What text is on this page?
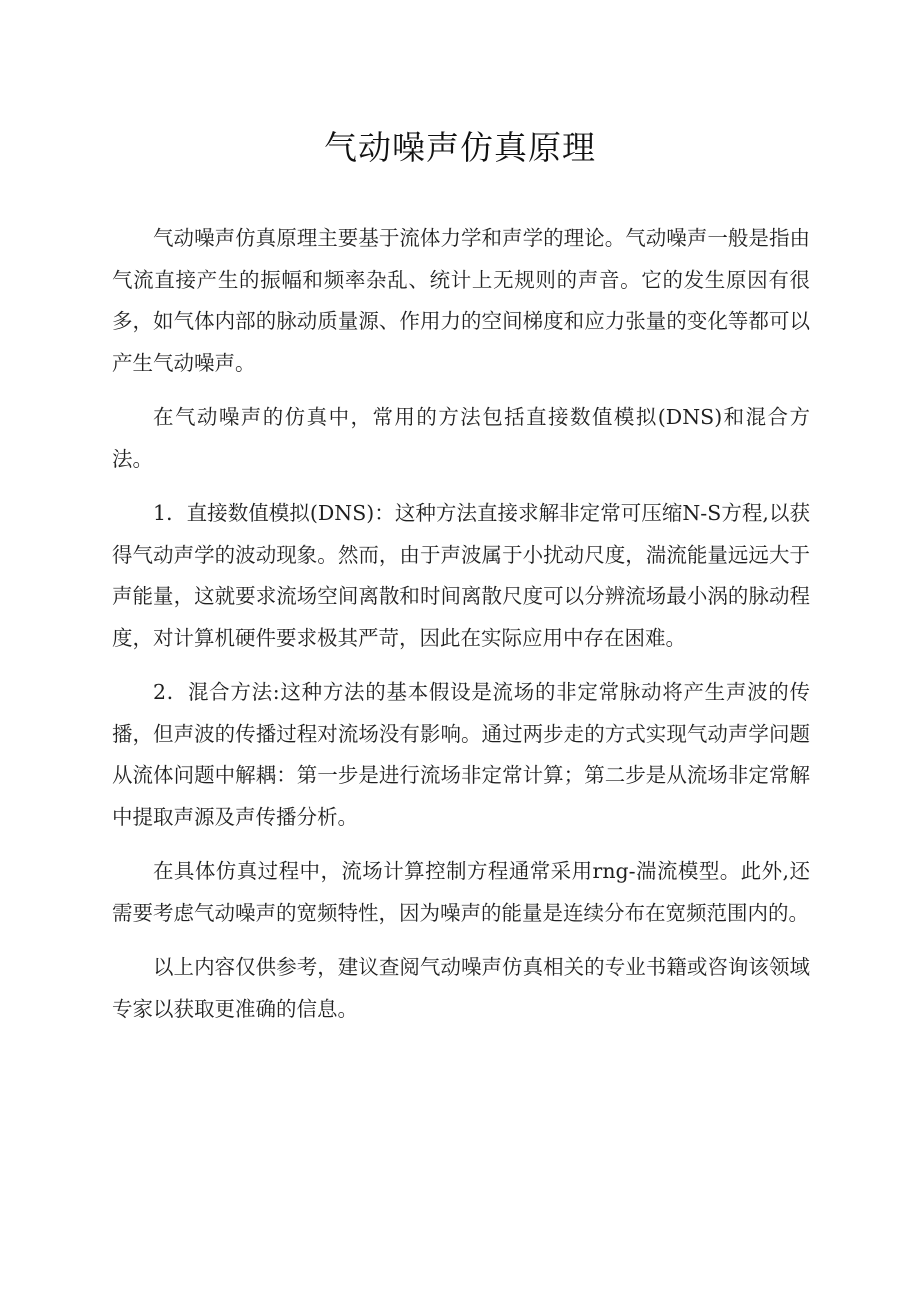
气动噪声仿真原理

气动噪声仿真原理主要基于流体力学和声学的理论。气动噪声一般是指由气流直接产生的振幅和频率杂乱、统计上无规则的声音。它的发生原因有很多，如气体内部的脉动质量源、作用力的空间梯度和应力张量的变化等都可以产生气动噪声。

在气动噪声的仿真中，常用的方法包括直接数值模拟(DNS)和混合方法。

1．直接数值模拟(DNS)：这种方法直接求解非定常可压缩N-S方程,以获得气动声学的波动现象。然而，由于声波属于小扰动尺度，湍流能量远远大于声能量，这就要求流场空间离散和时间离散尺度可以分辨流场最小涡的脉动程度，对计算机硬件要求极其严苛，因此在实际应用中存在困难。

2．混合方法:这种方法的基本假设是流场的非定常脉动将产生声波的传播，但声波的传播过程对流场没有影响。通过两步走的方式实现气动声学问题从流体问题中解耦：第一步是进行流场非定常计算；第二步是从流场非定常解中提取声源及声传播分析。

在具体仿真过程中，流场计算控制方程通常采用rng-湍流模型。此外,还需要考虑气动噪声的宽频特性，因为噪声的能量是连续分布在宽频范围内的。

以上内容仅供参考，建议查阅气动噪声仿真相关的专业书籍或咨询该领域专家以获取更准确的信息。
